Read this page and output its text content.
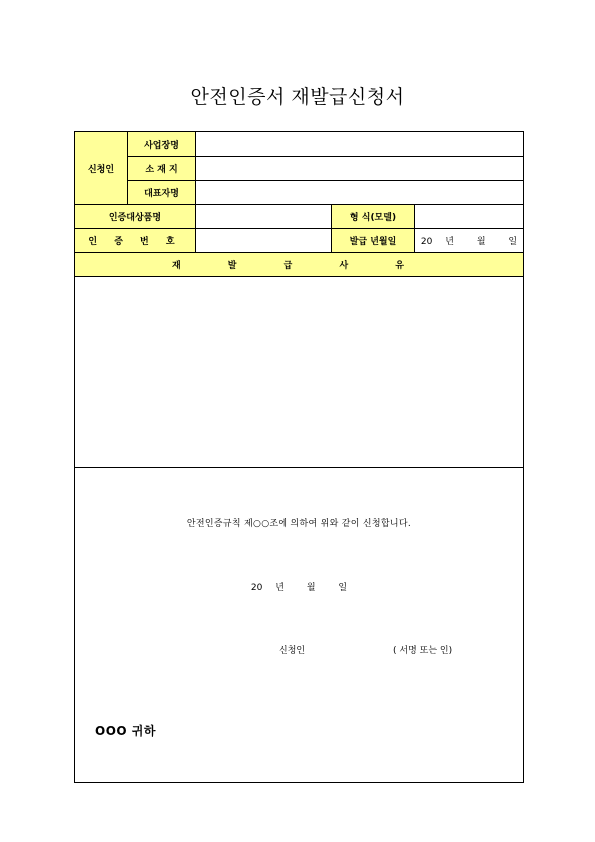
안전인증서 재발급신청서
신청인	사업장명			
	소 재 지			
	대표자명			
인증대상품명			형 식(모델)	
인 증 번 호			발급 년월일	20 년 월 일
재 발 급 사 유				

안전인증규칙 제○○조에 의하여 위와 같이 신청합니다.
20 년 월 일
신청인 ( 서명 또는 인)
OOO 귀하				
